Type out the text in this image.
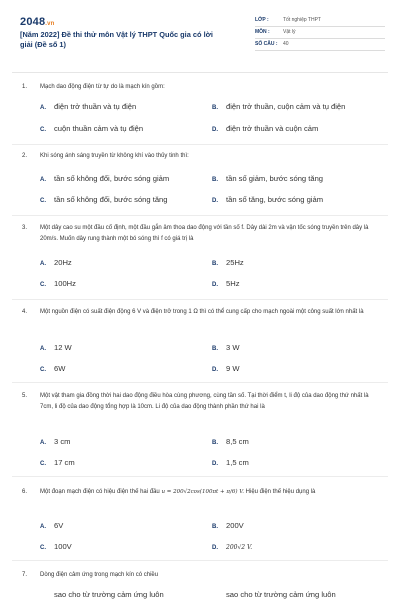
2048.vn
[Năm 2022] Đề thi thử môn Vật lý THPT Quốc gia có lời giải (Đề số 1)
LỚP :	Tốt nghiệp THPT
MÔN :	Vật lý
SỐ CÂU : 40
1.	Mạch dao động điện từ tự do là mạch kín gồm:
A. điện trở thuần và tụ điện	B. điện trở thuần, cuộn cảm và tụ điện
C. cuộn thuần cảm và tụ điện	D. điện trở thuần và cuộn cảm
2.	Khi sóng ánh sáng truyền từ không khí vào thủy tinh thì:
A. tần số không đổi, bước sóng giảm	B. tần số giảm, bước sóng tăng
C. tần số không đổi, bước sóng tăng	D. tần số tăng, bước sóng giảm
3.	Một dây cao su một đầu cố định, một đầu gắn âm thoa dao động với tần số f. Dây dài 2m và vận tốc sóng truyền trên dây là 20m/s. Muốn dây rung thành một bó sóng thì f có giá trị là
A. 20Hz	B. 25Hz
C. 100Hz	D. 5Hz
4.	Một nguồn điện có suất điện động 6 V và điện trở trong 1 Ω thì có thể cung cấp cho mạch ngoài một công suất lớn nhất là
A. 12 W	B. 3 W
C. 6W	D. 9 W
5.	Một vật tham gia đồng thời hai dao động điều hòa cùng phương, cùng tần số. Tại thời điểm t, li độ của dao động thứ nhất là 7cm, li độ của dao động tổng hợp là 10cm. Li độ của dao động thành phần thứ hai là
A. 3 cm	B. 8,5 cm
C. 17 cm	D. 1,5 cm
6.	Một đoạn mạch điện có hiệu điện thế hai đầu u = 200√2cos(100πt + π/6) V. Hiệu điện thế hiệu dụng là
A. 6V	B. 200V
C. 100V	D. 200√2 V.
7.	Dòng điện cảm ứng trong mạch kín có chiều
sao cho từ trường cảm ứng luôn	sao cho từ trường cảm ứng luôn
